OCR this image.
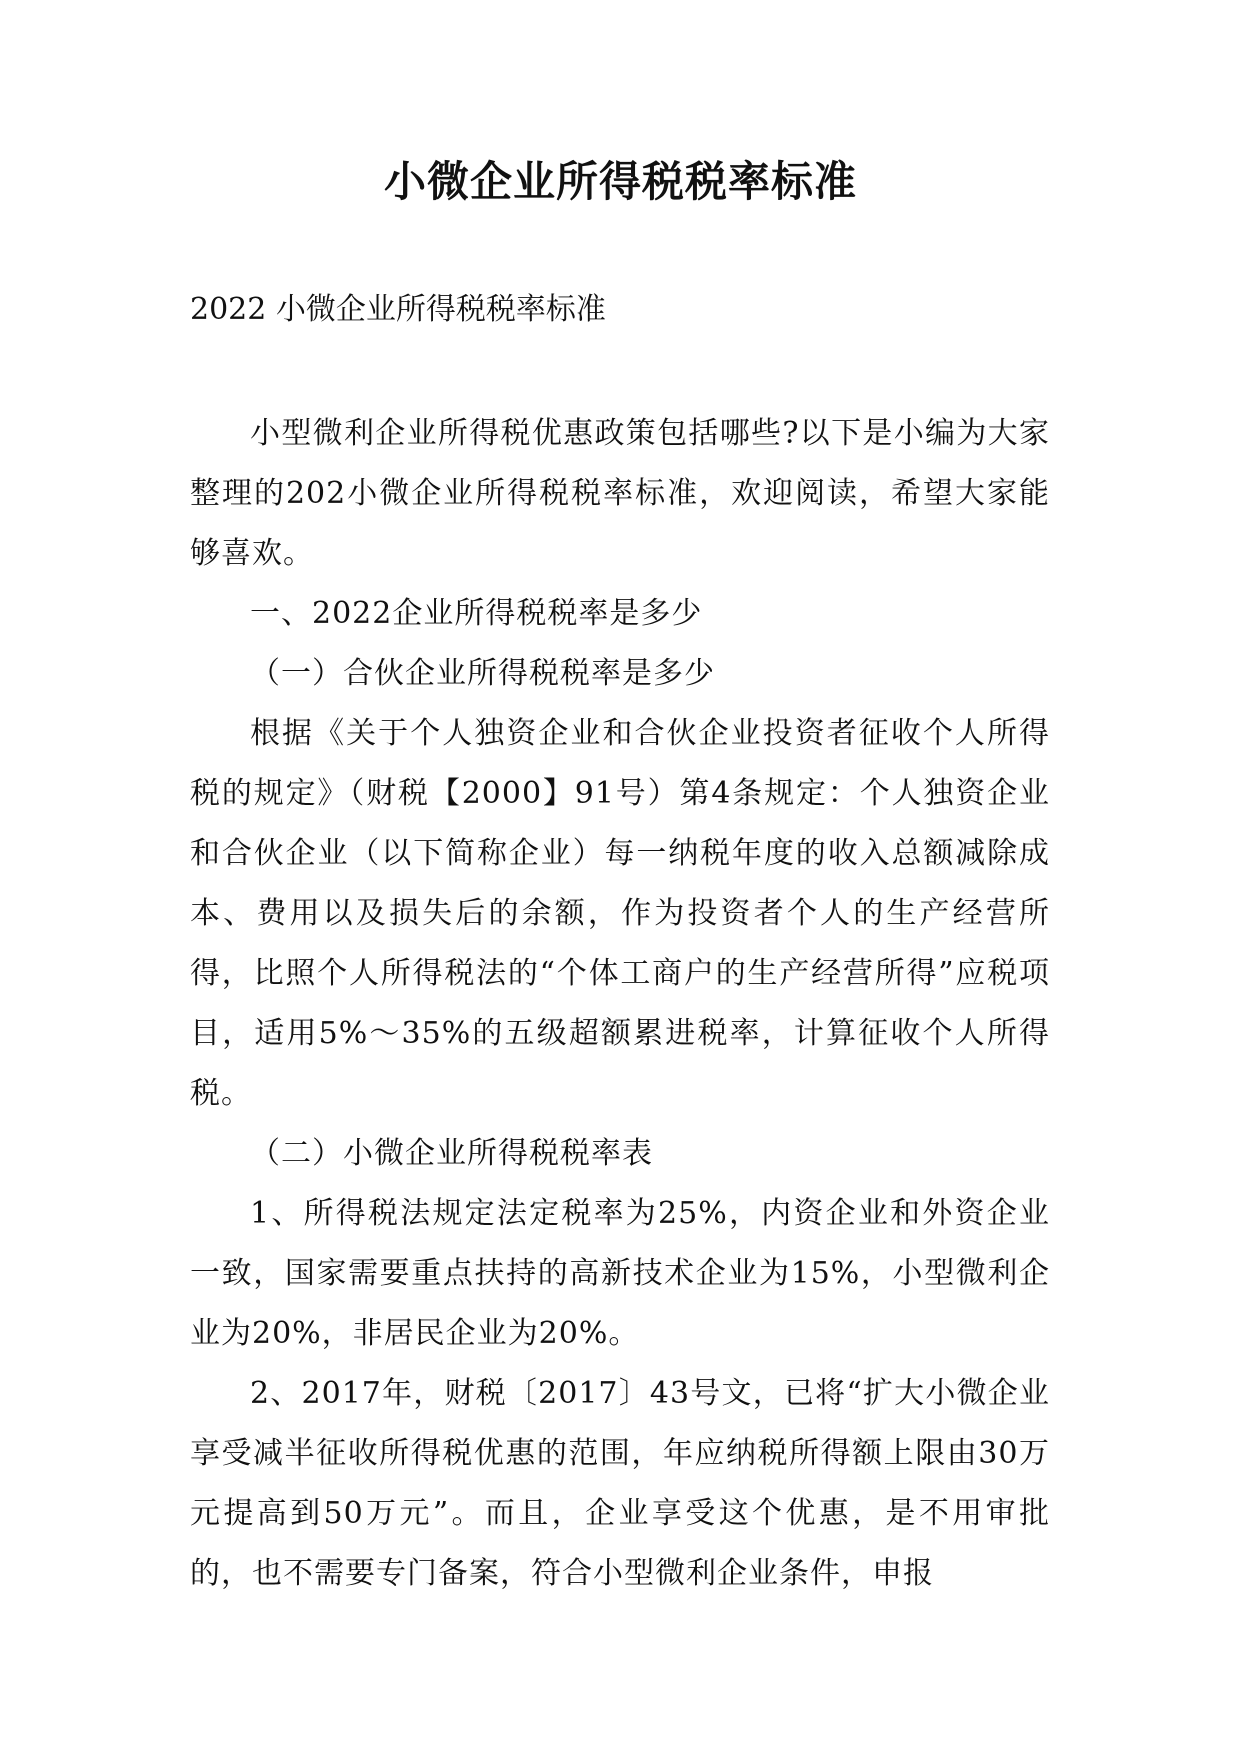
小微企业所得税税率标准
2022 小微企业所得税税率标准

小型微利企业所得税优惠政策包括哪些?以下是小编为大家整理的202小微企业所得税税率标准，欢迎阅读，希望大家能够喜欢。

一、2022企业所得税税率是多少

（一）合伙企业所得税税率是多少

根据《关于个人独资企业和合伙企业投资者征收个人所得税的规定》（财税【2000】91号）第4条规定：个人独资企业和合伙企业（以下简称企业）每一纳税年度的收入总额减除成本、费用以及损失后的余额，作为投资者个人的生产经营所得，比照个人所得税法的“个体工商户的生产经营所得”应税项目，适用5%～35%的五级超额累进税率，计算征收个人所得税。

（二）小微企业所得税税率表

1、所得税法规定法定税率为25%，内资企业和外资企业一致，国家需要重点扶持的高新技术企业为15%，小型微利企业为20%，非居民企业为20%。

2、2017年，财税〔2017〕43号文，已将“扩大小微企业享受减半征收所得税优惠的范围，年应纳税所得额上限由30万元提高到50万元”。而且，企业享受这个优惠，是不用审批的，也不需要专门备案，符合小型微利企业条件，申报
